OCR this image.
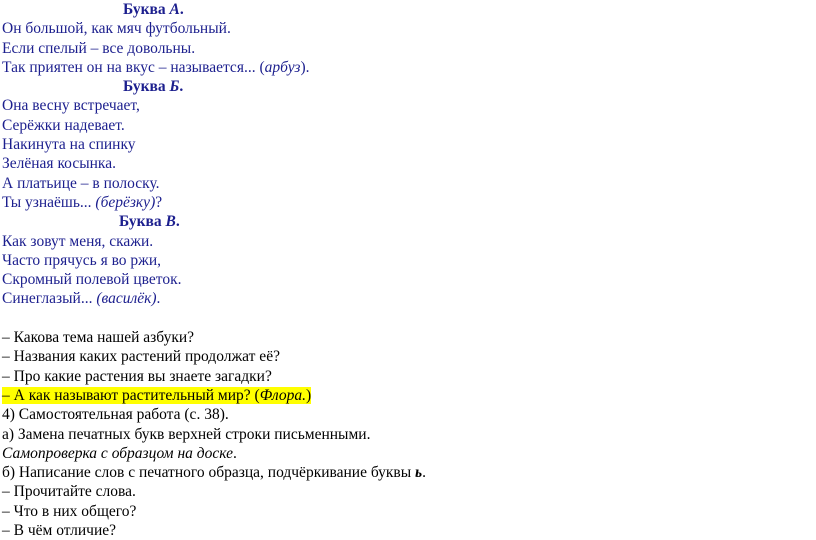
Буква А.
Он большой, как мяч футбольный.
Если спелый – все довольны.
Так приятен он на вкус – называется... (арбуз).
Буква Б.
Она весну встречает,
Серёжки надевает.
Накинута на спинку
Зелёная косынка.
А платьице – в полоску.
Ты узнаёшь... (берёзку)?
Буква В.
Как зовут меня, скажи.
Часто прячусь я во ржи,
Скромный полевой цветок.
Синеглазый... (василёк).
– Какова тема нашей азбуки?
– Названия каких растений продолжат её?
– Про какие растения вы знаете загадки?
– А как называют растительный мир? (Флора.)
4) Самостоятельная работа (с. 38).
а) Замена печатных букв верхней строки письменными.
Самопроверка с образцом на доске.
б) Написание слов с печатного образца, подчёркивание буквы ь.
– Прочитайте слова.
– Что в них общего?
– В чём отличие?
